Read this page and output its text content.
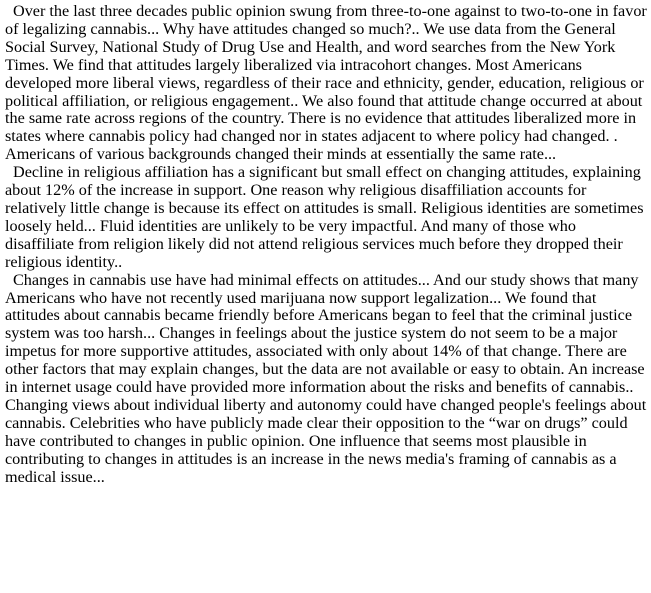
Over the last three decades public opinion swung from three-to-one against to two-to-one in favor of legalizing cannabis... Why have attitudes changed so much?.. We use data from the General Social Survey, National Study of Drug Use and Health, and word searches from the New York Times. We find that attitudes largely liberalized via intracohort changes. Most Americans developed more liberal views, regardless of their race and ethnicity, gender, education, religious or political affiliation, or religious engagement.. We also found that attitude change occurred at about the same rate across regions of the country. There is no evidence that attitudes liberalized more in states where cannabis policy had changed nor in states adjacent to where policy had changed. . Americans of various backgrounds changed their minds at essentially the same rate...

Decline in religious affiliation has a significant but small effect on changing attitudes, explaining about 12% of the increase in support. One reason why religious disaffiliation accounts for relatively little change is because its effect on attitudes is small. Religious identities are sometimes loosely held... Fluid identities are unlikely to be very impactful. And many of those who disaffiliate from religion likely did not attend religious services much before they dropped their religious identity..

Changes in cannabis use have had minimal effects on attitudes... And our study shows that many Americans who have not recently used marijuana now support legalization... We found that attitudes about cannabis became friendly before Americans began to feel that the criminal justice system was too harsh... Changes in feelings about the justice system do not seem to be a major impetus for more supportive attitudes, associated with only about 14% of that change. There are other factors that may explain changes, but the data are not available or easy to obtain. An increase in internet usage could have provided more information about the risks and benefits of cannabis.. Changing views about individual liberty and autonomy could have changed people's feelings about cannabis. Celebrities who have publicly made clear their opposition to the “war on drugs” could have contributed to changes in public opinion. One influence that seems most plausible in contributing to changes in attitudes is an increase in the news media's framing of cannabis as a medical issue...
